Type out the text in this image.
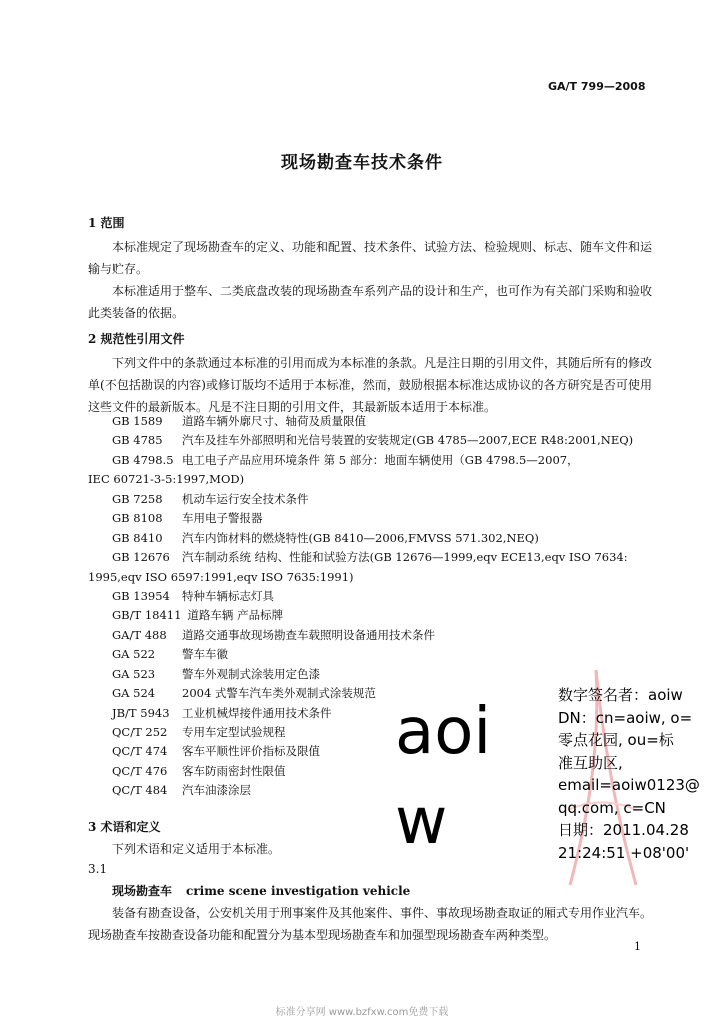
GA/T 799—2008
现场勘查车技术条件
1 范围
本标准规定了现场勘查车的定义、功能和配置、技术条件、试验方法、检验规则、标志、随车文件和运输与贮存。
本标准适用于整车、二类底盘改装的现场勘查车系列产品的设计和生产，也可作为有关部门采购和验收此类装备的依据。
2 规范性引用文件
下列文件中的条款通过本标准的引用而成为本标准的条款。凡是注日期的引用文件，其随后所有的修改单(不包括勘误的内容)或修订版均不适用于本标准，然而，鼓励根据本标准达成协议的各方研究是否可使用这些文件的最新版本。凡是不注日期的引用文件，其最新版本适用于本标准。
GB 1589 道路车辆外廓尺寸、轴荷及质量限值
GB 4785 汽车及挂车外部照明和光信号装置的安装规定(GB 4785—2007,ECE R48:2001,NEQ)
GB 4798.5 电工电子产品应用环境条件 第 5 部分：地面车辆使用（GB 4798.5—2007，
IEC 60721-3-5:1997,MOD)
GB 7258 机动车运行安全技术条件
GB 8108 车用电子警报器
GB 8410 汽车内饰材料的燃烧特性(GB 8410—2006,FMVSS 571.302,NEQ)
GB 12676 汽车制动系统 结构、性能和试验方法(GB 12676—1999,eqv ECE13,eqv ISO 7634:
1995,eqv ISO 6597:1991,eqv ISO 7635:1991)
GB 13954 特种车辆标志灯具
GB/T 18411 道路车辆 产品标牌
GA/T 488 道路交通事故现场勘查车载照明设备通用技术条件
GA 522 警车车徽
GA 523 警车外观制式涂装用定色漆
GA 524 2004 式警车汽车类外观制式涂装规范
JB/T 5943 工业机械焊接件通用技术条件
QC/T 252 专用车定型试验规程
QC/T 474 客车平顺性评价指标及限值
QC/T 476 客车防雨密封性限值
QC/T 484 汽车油漆涂层
3 术语和定义
下列术语和定义适用于本标准。
3.1
现场勘查车 crime scene investigation vehicle
装备有勘查设备，公安机关用于刑事案件及其他案件、事件、事故现场勘查取证的厢式专用作业汽车。现场勘查车按勘查设备功能和配置分为基本型现场勘查车和加强型现场勘查车两种类型。
1
标准分享网 www.bzfxw.com免费下载
aoi
w
数字签名者：aoiw
DN：cn=aoiw, o=
零点花园, ou=标
准互助区,
email=aoiw0123@
qq.com, c=CN
日期：2011.04.28
21:24:51 +08'00'
